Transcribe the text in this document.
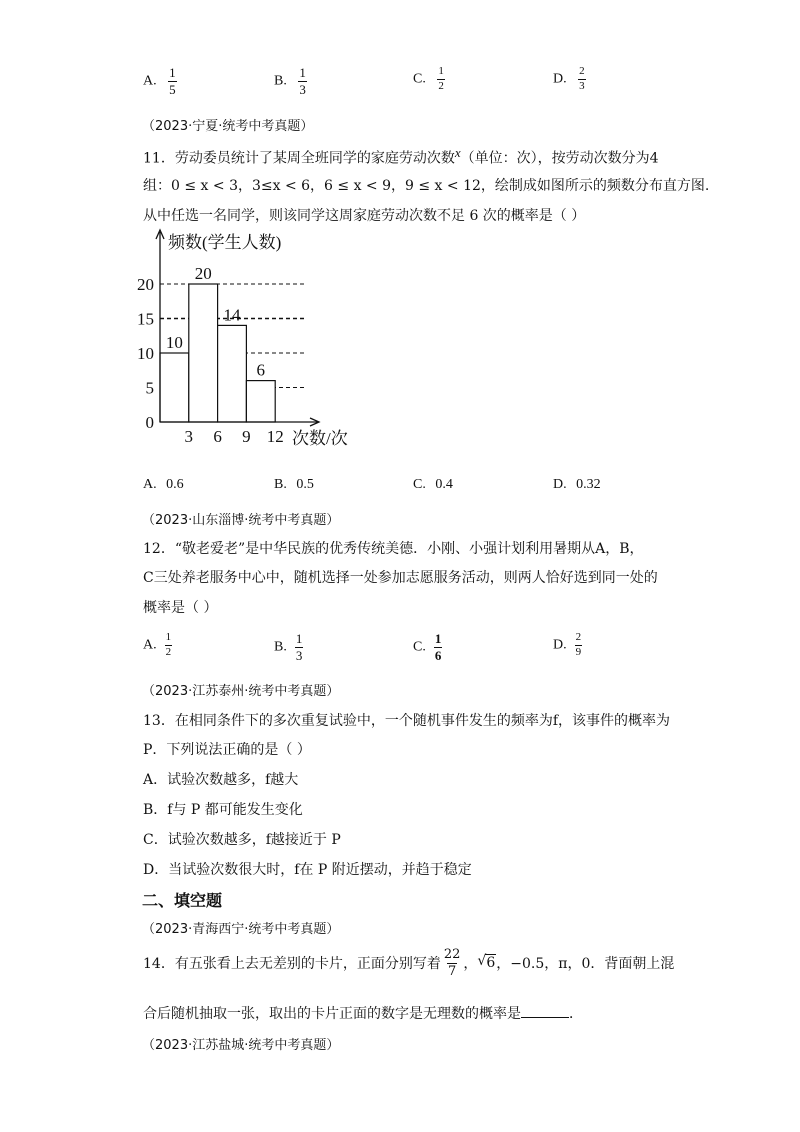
A. $\frac{1}{5}$	B. $\frac{1}{3}$	C. $\frac{1}{2}$	D. $\frac{2}{3}$
（2023·宁夏·统考中考真题）
11．劳动委员统计了某周全班同学的家庭劳动次数$^x$（单位：次），按劳动次数分为4
组：0 ≤ x < 3，3≤x < 6，6 ≤ x < 9，9 ≤ x < 12，绘制成如图所示的频数分布直方图.
从中任选一名同学，则该同学这周家庭劳动次数不足 6 次的概率是（ ）
10
20
14
6
0
5
10
15
20
3 6 9 12
频数(学生人数)
次数/次
A. 0.6	B. 0.5	C. 0.4	D. 0.32
（2023·山东淄博·统考中考真题）
12．“敬老爱老”是中华民族的优秀传统美德．小刚、小强计划利用暑期从A，B，
C三处养老服务中心中，随机选择一处参加志愿服务活动，则两人恰好选到同一处的
概率是（ ）
A. $\frac{1}{2}$	B. $\frac{1}{3}$	C. $\frac{1}{6}$	D. $\frac{2}{9}$
（2023·江苏泰州·统考中考真题）
13．在相同条件下的多次重复试验中，一个随机事件发生的频率为f，该事件的概率为
P．下列说法正确的是（ ）
A．试验次数越多，f越大
B．f与 P 都可能发生变化
C．试验次数越多，f越接近于 P
D．当试验次数很大时，f在 P 附近摆动，并趋于稳定
二、填空题
（2023·青海西宁·统考中考真题）
14．有五张看上去无差别的卡片，正面分别写着 $\frac{22}{7}$ ， √ 6 ，−0.5，π，0．背面朝上混
合后随机抽取一张，取出的卡片正面的数字是无理数的概率是	．
（2023·江苏盐城·统考中考真题）
